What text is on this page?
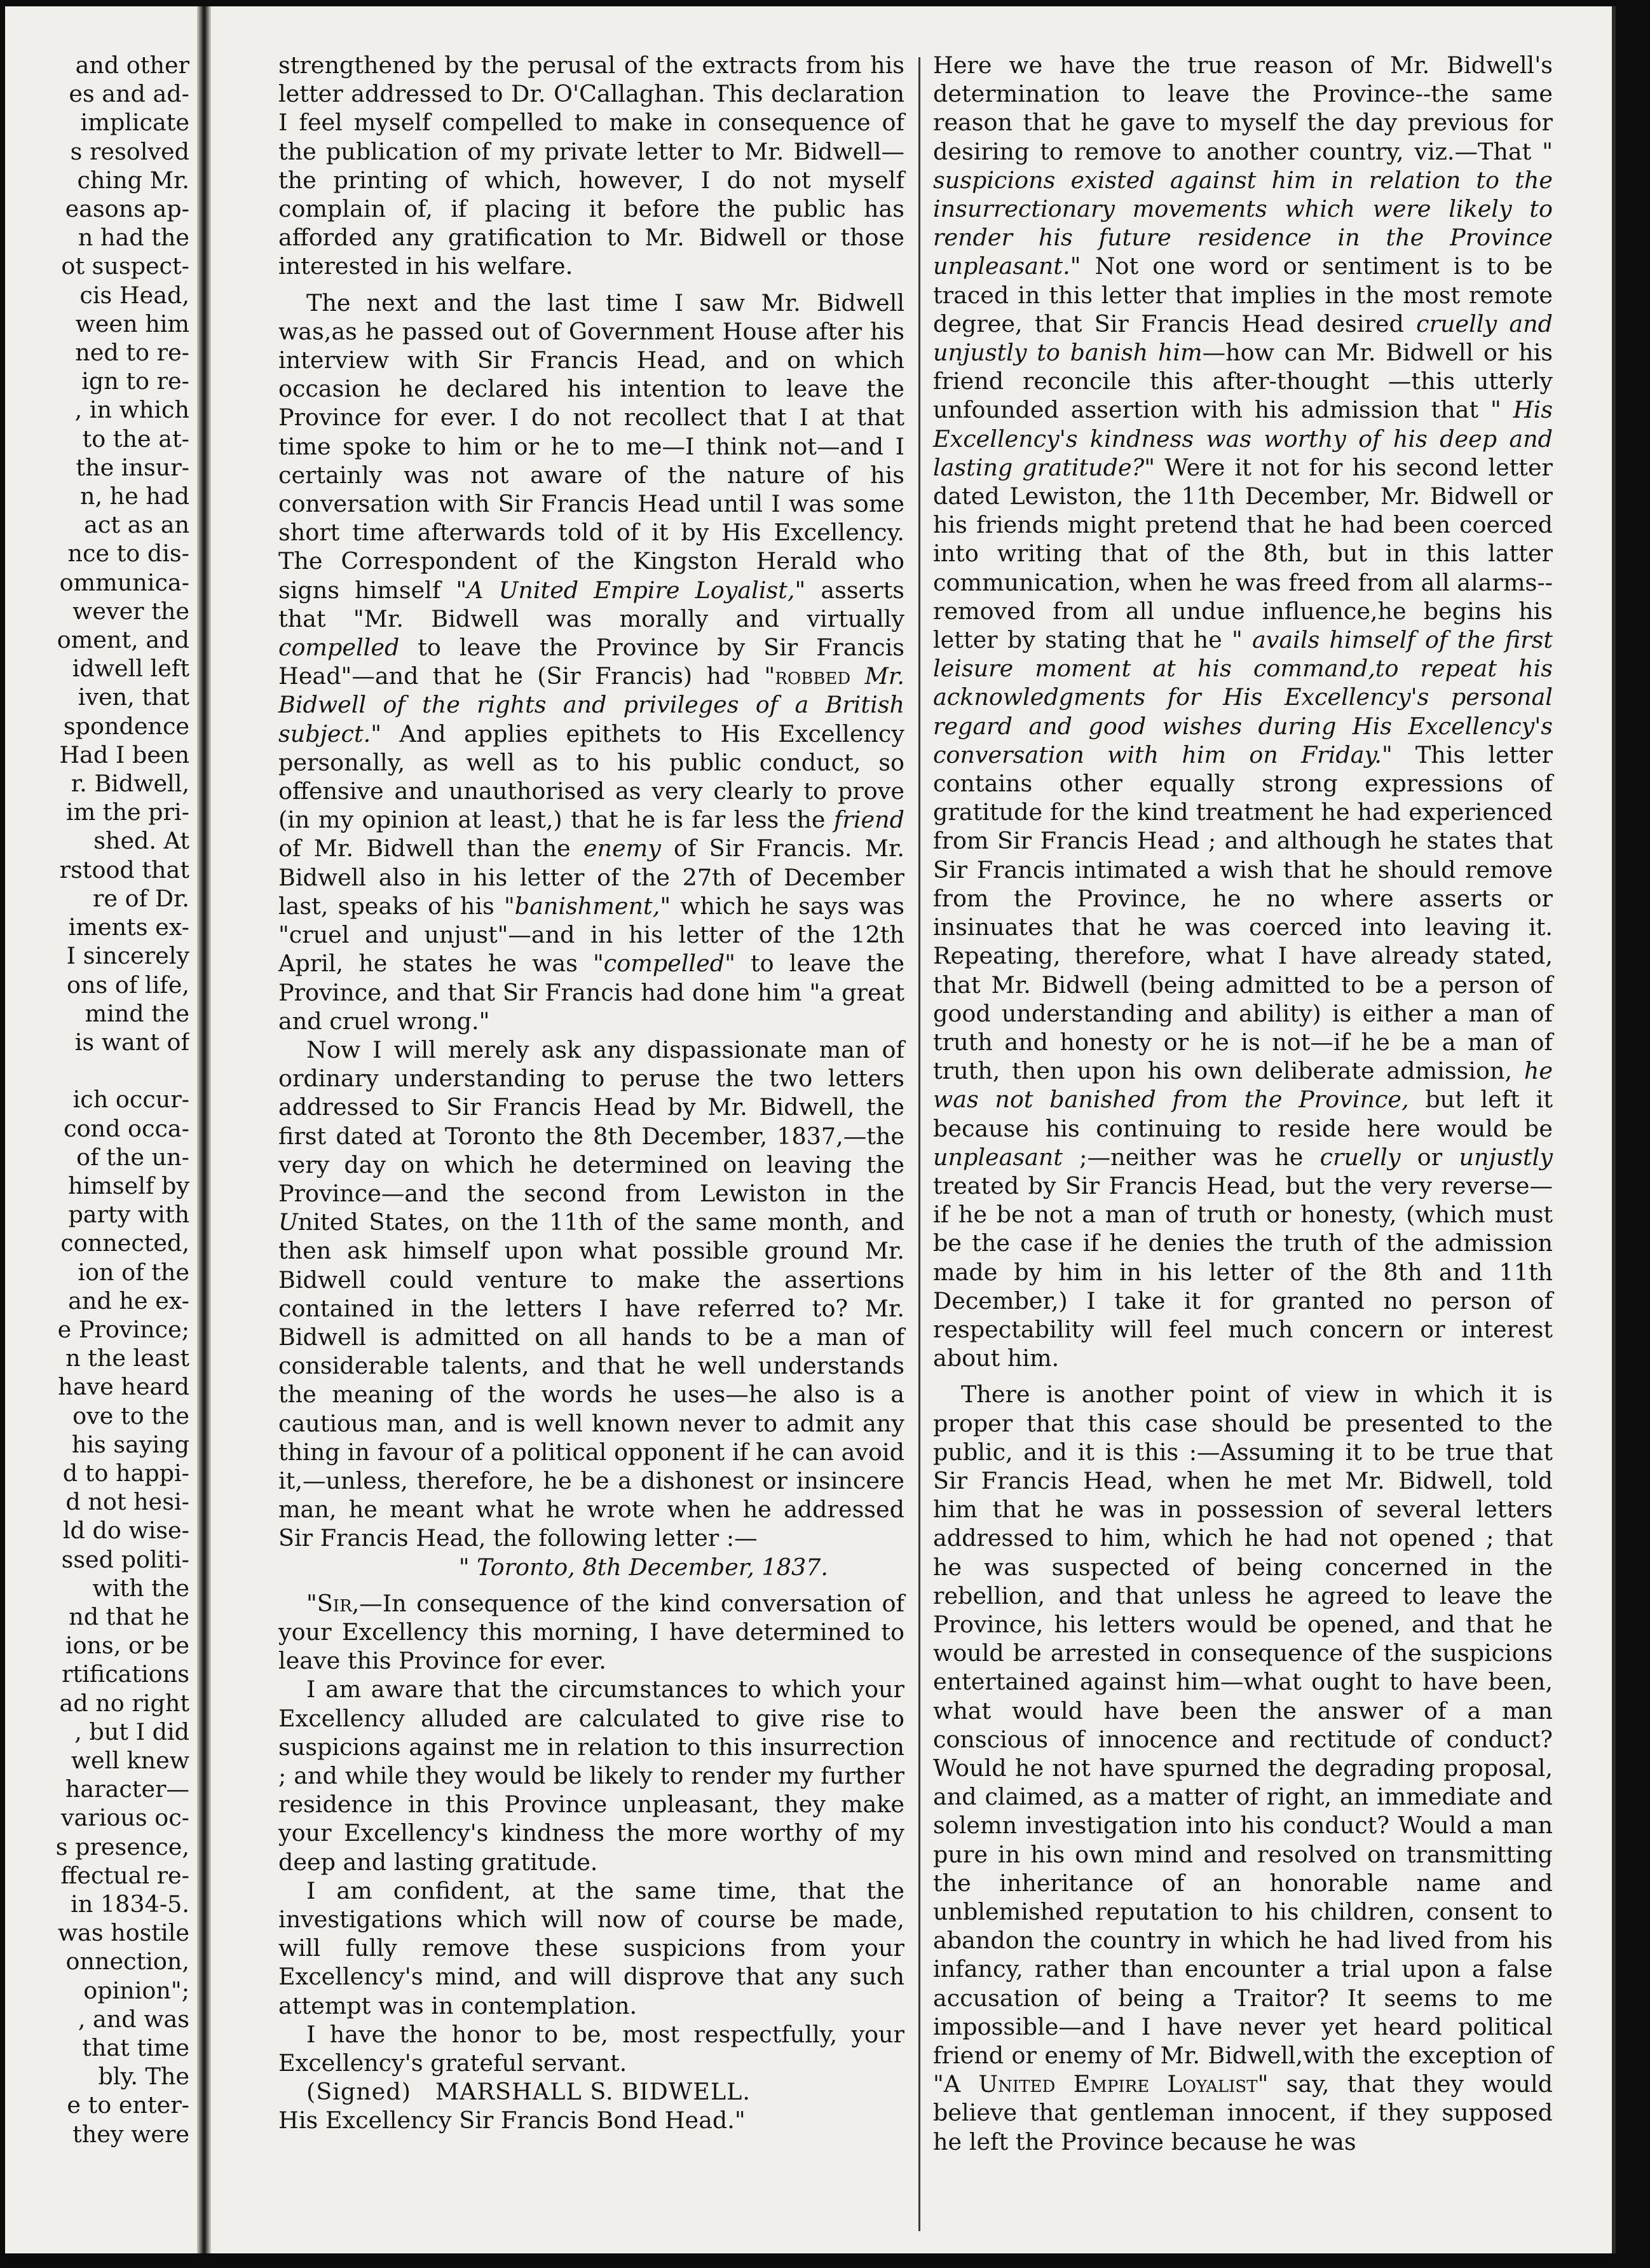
and other
es and ad-
implicate
s resolved
ching Mr.
easons ap-
n had the
ot suspect-
cis Head,
ween him
ned to re-
ign to re-
, in which
to the at-
the insur-
n, he had
act as an
nce to dis-
ommunica-
wever the
oment, and
idwell left
iven, that
spondence
Had I been
r. Bidwell,
im the pri-
shed. At
rstood that
re of Dr.
iments ex-
I sincerely
ons of life,
mind the
is want of

ich occur-
cond occa-
of the un-
himself by
party with
connected,
ion of the
and he ex-
e Province;
n the least
have heard
ove to the
his saying
d to happi-
d not hesi-
ld do wise-
ssed politi-
with the
nd that he
ions, or be
rtifications
ad no right
, but I did
well knew
haracter—
various oc-
s presence,
ffectual re-
in 1834-5.
was hostile
onnection,
opinion";
, and was
that time
bly. The
e to enter-
they were

strengthened by the perusal of the extracts from his letter addressed to Dr. O'Callaghan. This declaration I feel myself compelled to make in consequence of the publication of my private letter to Mr. Bidwell—the printing of which, however, I do not myself complain of, if placing it before the public has afforded any gratification to Mr. Bidwell or those interested in his welfare.

The next and the last time I saw Mr. Bidwell was,as he passed out of Government House after his interview with Sir Francis Head, and on which occasion he declared his intention to leave the Province for ever. I do not recollect that I at that time spoke to him or he to me—I think not—and I certainly was not aware of the nature of his conversation with Sir Francis Head until I was some short time afterwards told of it by His Excellency. The Correspondent of the Kingston Herald who signs himself "A United Empire Loyalist," asserts that "Mr. Bidwell was morally and virtually compelled to leave the Province by Sir Francis Head"—and that he (Sir Francis) had "robbed Mr. Bidwell of the rights and privileges of a British subject." And applies epithets to His Excellency personally, as well as to his public conduct, so offensive and unauthorised as very clearly to prove (in my opinion at least,) that he is far less the friend of Mr. Bidwell than the enemy of Sir Francis. Mr. Bidwell also in his letter of the 27th of December last, speaks of his "banishment," which he says was "cruel and unjust"—and in his letter of the 12th April, he states he was "compelled" to leave the Province, and that Sir Francis had done him "a great and cruel wrong."

Now I will merely ask any dispassionate man of ordinary understanding to peruse the two letters addressed to Sir Francis Head by Mr. Bidwell, the first dated at Toronto the 8th December, 1837,—the very day on which he determined on leaving the Province—and the second from Lewiston in the United States, on the 11th of the same month, and then ask himself upon what possible ground Mr. Bidwell could venture to make the assertions contained in the letters I have referred to? Mr. Bidwell is admitted on all hands to be a man of considerable talents, and that he well understands the meaning of the words he uses—he also is a cautious man, and is well known never to admit any thing in favour of a political opponent if he can avoid it,—unless, therefore, he be a dishonest or insincere man, he meant what he wrote when he addressed Sir Francis Head, the following letter :—

" Toronto, 8th December, 1837.

"Sir,—In consequence of the kind conversation of your Excellency this morning, I have determined to leave this Province for ever.

I am aware that the circumstances to which your Excellency alluded are calculated to give rise to suspicions against me in relation to this insurrection ; and while they would be likely to render my further residence in this Province unpleasant, they make your Excellency's kindness the more worthy of my deep and lasting gratitude.

I am confident, at the same time, that the investigations which will now of course be made, will fully remove these suspicions from your Excellency's mind, and will disprove that any such attempt was in contemplation.

I have the honor to be, most respectfully, your Excellency's grateful servant.

(Signed) MARSHALL S. BIDWELL.

His Excellency Sir Francis Bond Head."

Here we have the true reason of Mr. Bidwell's determination to leave the Province--the same reason that he gave to myself the day previous for desiring to remove to another country, viz.—That " suspicions existed against him in relation to the insurrectionary movements which were likely to render his future residence in the Province unpleasant." Not one word or sentiment is to be traced in this letter that implies in the most remote degree, that Sir Francis Head desired cruelly and unjustly to banish him—how can Mr. Bidwell or his friend reconcile this after-thought —this utterly unfounded assertion with his admission that " His Excellency's kindness was worthy of his deep and lasting gratitude?" Were it not for his second letter dated Lewiston, the 11th December, Mr. Bidwell or his friends might pretend that he had been coerced into writing that of the 8th, but in this latter communication, when he was freed from all alarms--removed from all undue influence,he begins his letter by stating that he " avails himself of the first leisure moment at his command,to repeat his acknowledgments for His Excellency's personal regard and good wishes during His Excellency's conversation with him on Friday." This letter contains other equally strong expressions of gratitude for the kind treatment he had experienced from Sir Francis Head ; and although he states that Sir Francis intimated a wish that he should remove from the Province, he no where asserts or insinuates that he was coerced into leaving it. Repeating, therefore, what I have already stated, that Mr. Bidwell (being admitted to be a person of good understanding and ability) is either a man of truth and honesty or he is not—if he be a man of truth, then upon his own deliberate admission, he was not banished from the Province, but left it because his continuing to reside here would be unpleasant ;—neither was he cruelly or unjustly treated by Sir Francis Head, but the very reverse—if he be not a man of truth or honesty, (which must be the case if he denies the truth of the admission made by him in his letter of the 8th and 11th December,) I take it for granted no person of respectability will feel much concern or interest about him.

There is another point of view in which it is proper that this case should be presented to the public, and it is this :—Assuming it to be true that Sir Francis Head, when he met Mr. Bidwell, told him that he was in possession of several letters addressed to him, which he had not opened ; that he was suspected of being concerned in the rebellion, and that unless he agreed to leave the Province, his letters would be opened, and that he would be arrested in consequence of the suspicions entertained against him—what ought to have been, what would have been the answer of a man conscious of innocence and rectitude of conduct? Would he not have spurned the degrading proposal, and claimed, as a matter of right, an immediate and solemn investigation into his conduct? Would a man pure in his own mind and resolved on transmitting the inheritance of an honorable name and unblemished reputation to his children, consent to abandon the country in which he had lived from his infancy, rather than encounter a trial upon a false accusation of being a Traitor? It seems to me impossible—and I have never yet heard political friend or enemy of Mr. Bidwell,with the exception of "A United Empire Loyalist" say, that they would believe that gentleman innocent, if they supposed he left the Province because he was
